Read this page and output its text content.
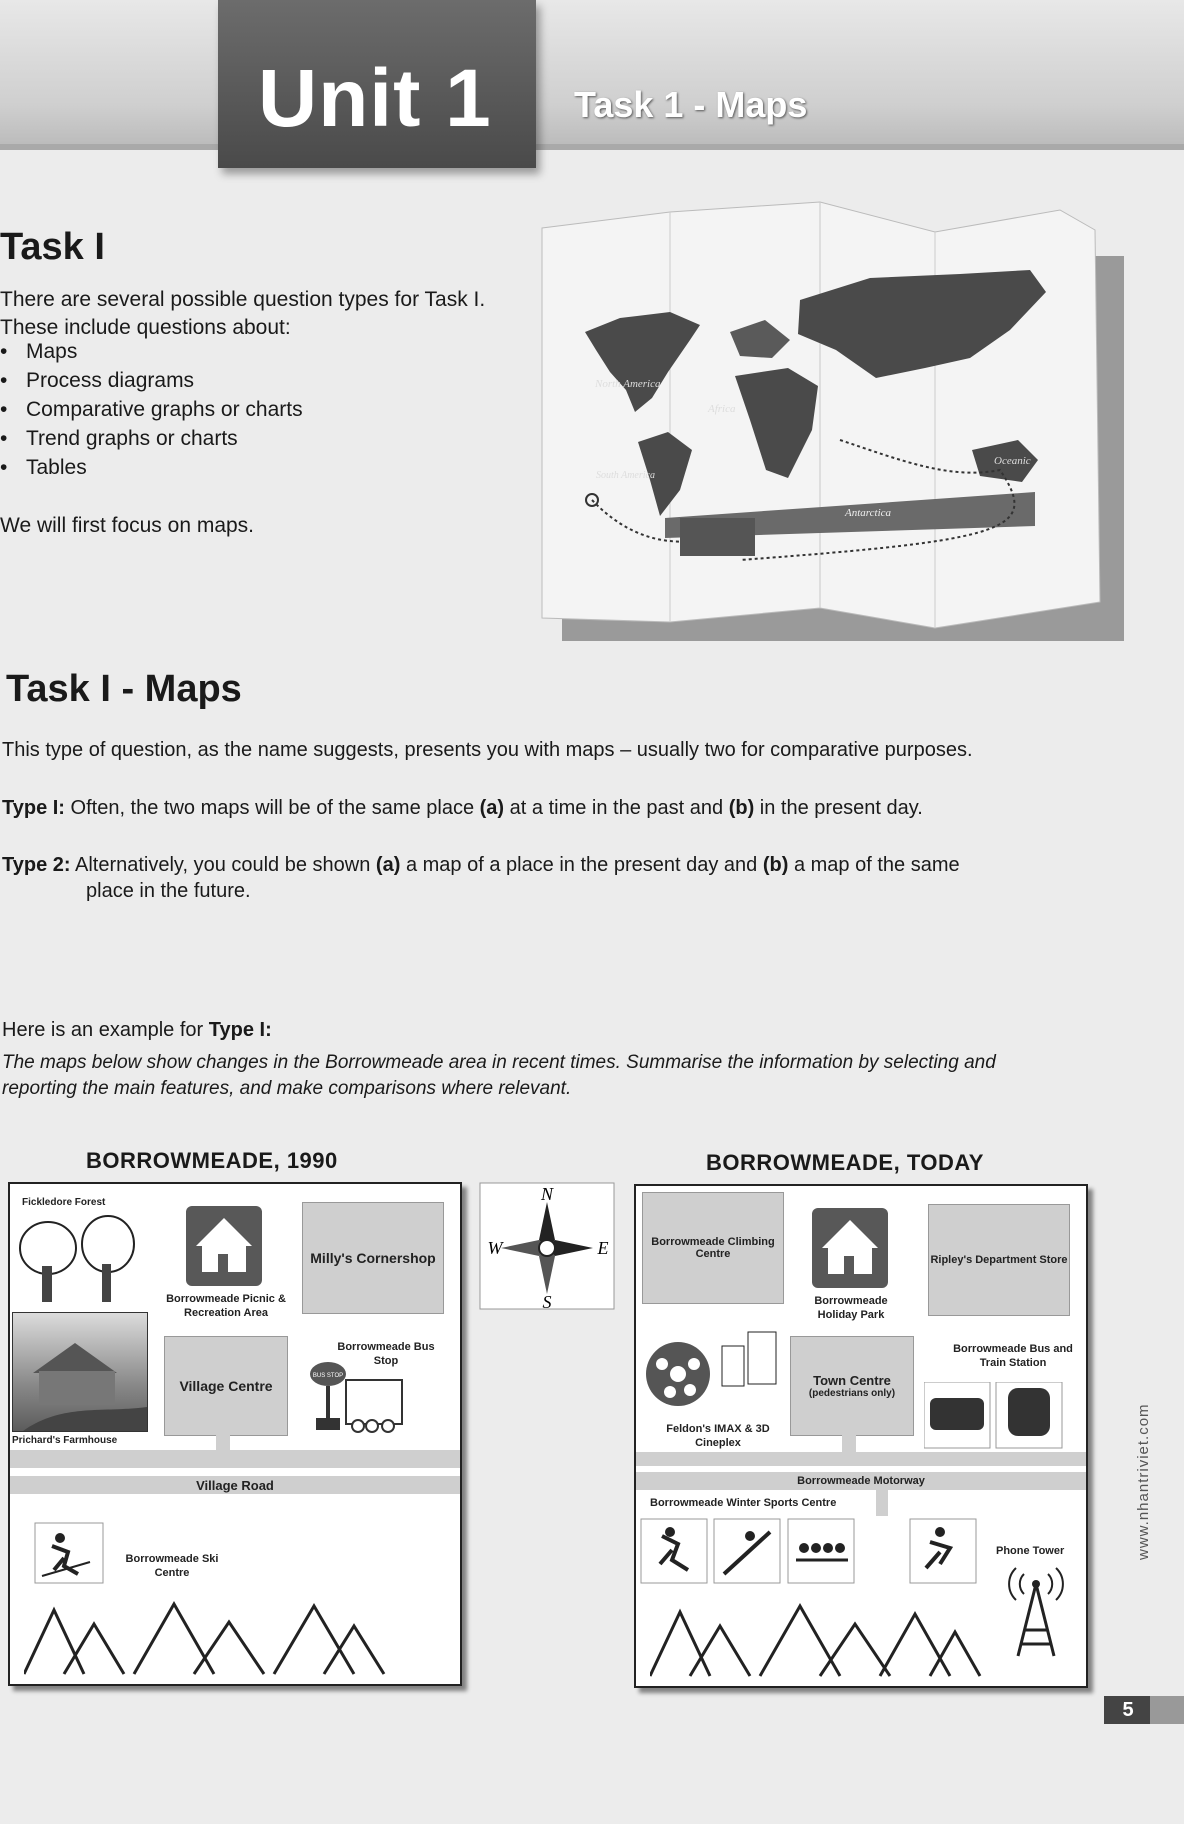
Unit 1 Task 1 - Maps
Task I
There are several possible question types for Task I.
These include questions about:
• Maps
• Process diagrams
• Comparative graphs or charts
• Trend graphs or charts
• Tables
We will first focus on maps.
North America
Africa
South America
Oceanic
Antarctica
Task I - Maps
This type of question, as the name suggests, presents you with maps – usually two for comparative purposes.
Type I: Often, the two maps will be of the same place (a) at a time in the past and (b) in the present day.
Type 2: Alternatively, you could be shown (a) a map of a place in the present day and (b) a map of the same
place in the future.
Here is an example for Type I:
The maps below show changes in the Borrowmeade area in recent times. Summarise the information by selecting and
reporting the main features, and make comparisons where relevant.
BORROWMEADE, 1990
Fickledore Forest
Borrowmeade Picnic & Recreation Area
Milly's Cornershop
Prichard's Farmhouse
Village Centre
Borrowmeade Bus Stop
BUS STOP
Village Road
Borrowmeade Ski Centre
N
S
W	E
BORROWMEADE, TODAY
Borrowmeade Climbing Centre
Borrowmeade Holiday Park
Ripley's Department Store
Feldon's IMAX & 3D Cineplex
Town Centre
(pedestrians only)
Borrowmeade Bus and Train Station
Borrowmeade Motorway
Borrowmeade Winter Sports Centre
Phone Tower	www.nhantriviet.com
5
